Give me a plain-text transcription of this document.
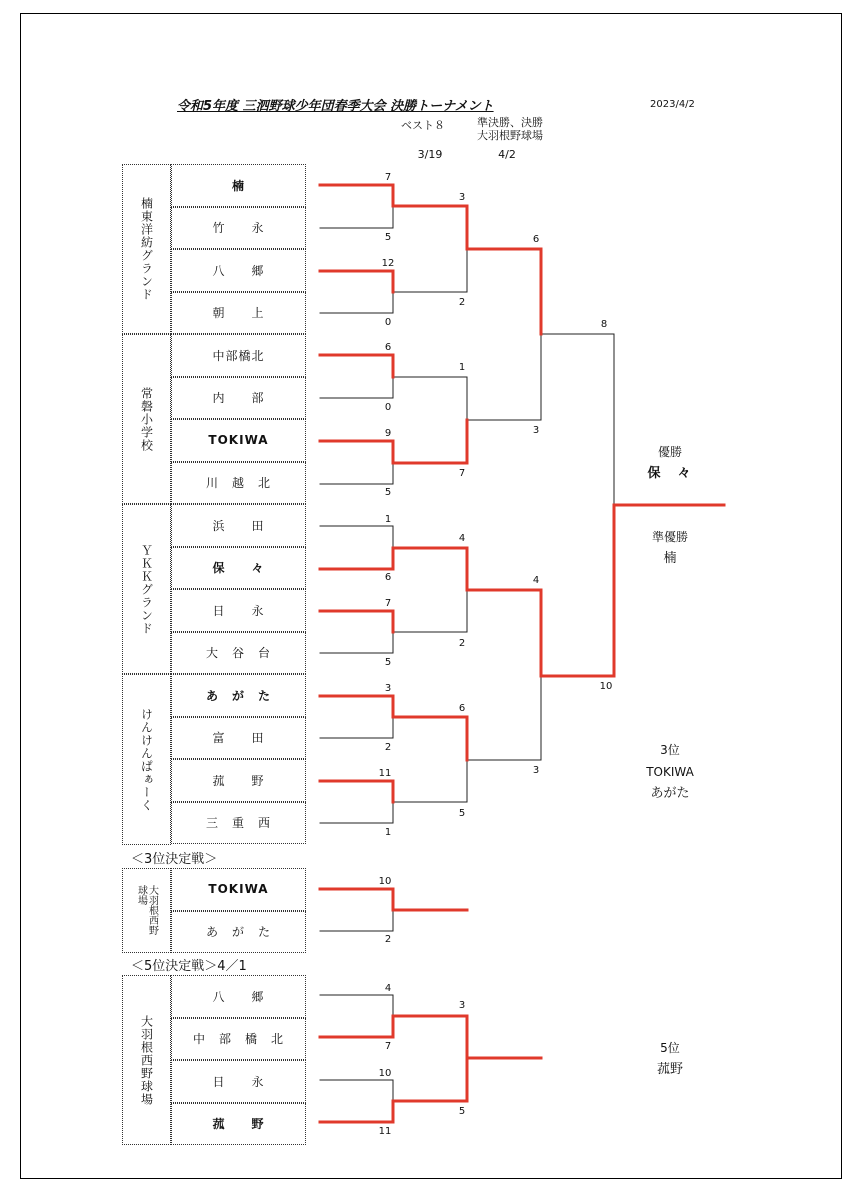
令和5年度 三泗野球少年団春季大会 決勝トーナメント	2023/4/2
ベスト８
3/19
準決勝、決勝
大羽根野球場
4/2
楠東洋紡グランド
常磐小学校
ＹＫＫグランド
けんけんぱぁーく
大羽根西野球場
大羽根西野球場
楠
竹　　永
八　　郷
朝　　上
中部橋北
内　　部
TOKIWA
川　越　北
浜　　田
保　　々
日　　永
大　谷　台
あ　が　た
富　　田
菰　　野
三　重　西
＜3位決定戦＞
TOKIWA
あ　が　た
＜5位決定戦＞4／1
八　　郷
中　部　橋　北
日　　永
菰　　野
7
5
12
0
6
0
9
5
1
6
7
5
3
2
11
1
3
2
1
7
4
2
6
5
6
3
4
3
8
10
10
2
4
7
10
11
3
5
優勝
保　々
準優勝
楠
3位
TOKIWA
あがた
5位
菰野
